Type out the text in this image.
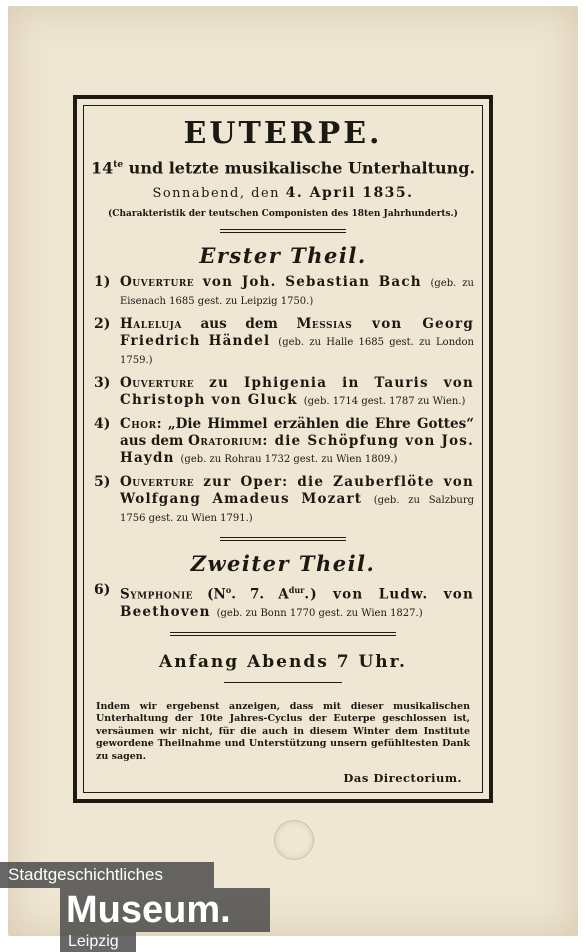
EUTERPE.
$14^{te}$ und letzte musikalische Unterhaltung.
Sonnabend, den 4. April 1835.
(Charakteristik der teutschen Componisten des 18ten Jahrhunderts.)
Erster Theil.
1) Ouverture von Joh. Sebastian Bach (geb. zu Eisenach 1685 gest. zu Leipzig 1750.)
2) Haleluja aus dem Messias von Georg Friedrich Händel (geb. zu Halle 1685 gest. zu London 1759.)
3) Ouverture zu Iphigenia in Tauris von Christoph von Gluck (geb. 1714 gest. 1787 zu Wien.)
4) Chor: „Die Himmel erzählen die Ehre Gottes“ aus dem Oratorium: die Schöpfung von Jos. Haydn (geb. zu Rohrau 1732 gest. zu Wien 1809.)
5) Ouverture zur Oper: die Zauberflöte von Wolfgang Amadeus Mozart (geb. zu Salzburg 1756 gest. zu Wien 1791.)
Zweiter Theil.
6) Symphonie ($N^o$. 7. $A^{dur}$.) von Ludw. von Beethoven (geb. zu Bonn 1770 gest. zu Wien 1827.)
Anfang Abends 7 Uhr.
Indem wir ergebenst anzeigen, dass mit dieser musikalischen Unterhaltung der 10te Jahres-Cyclus der Euterpe geschlossen ist, versäumen wir nicht, für die auch in diesem Winter dem Institute gewordene Theilnahme und Unterstützung unsern gefühltesten Dank zu sagen.
Das Directorium.
Stadtgeschichtliches
Museum.
Leipzig
